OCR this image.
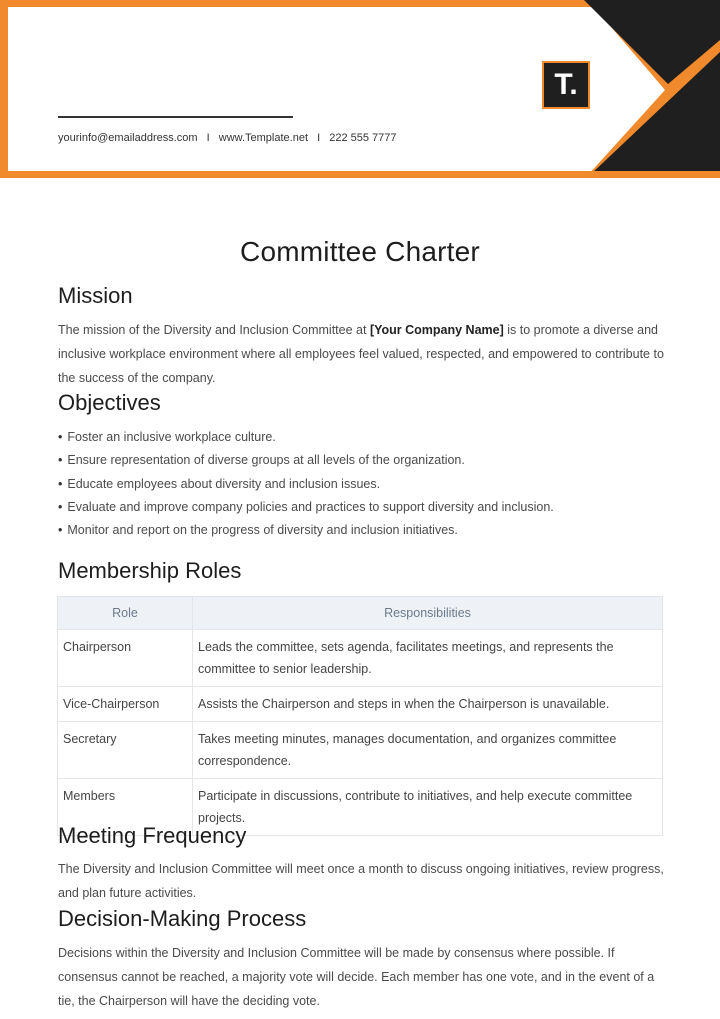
T.
yourinfo@emailaddress.com I www.Template.net I 222 555 7777
Committee Charter
Mission

The mission of the Diversity and Inclusion Committee at [Your Company Name] is to promote a diverse and inclusive workplace environment where all employees feel valued, respected, and empowered to contribute to the success of the company.

Objectives
• Foster an inclusive workplace culture.
• Ensure representation of diverse groups at all levels of the organization.
• Educate employees about diversity and inclusion issues.
• Evaluate and improve company policies and practices to support diversity and inclusion.
• Monitor and report on the progress of diversity and inclusion initiatives.
Membership Roles
Role	Responsibilities
Chairperson	Leads the committee, sets agenda, facilitates meetings, and represents the committee to senior leadership.
Vice-Chairperson	Assists the Chairperson and steps in when the Chairperson is unavailable.
Secretary	Takes meeting minutes, manages documentation, and organizes committee correspondence.
Members	Participate in discussions, contribute to initiatives, and help execute committee projects.
Meeting Frequency

The Diversity and Inclusion Committee will meet once a month to discuss ongoing initiatives, review progress, and plan future activities.

Decision-Making Process

Decisions within the Diversity and Inclusion Committee will be made by consensus where possible. If consensus cannot be reached, a majority vote will decide. Each member has one vote, and in the event of a tie, the Chairperson will have the deciding vote.
